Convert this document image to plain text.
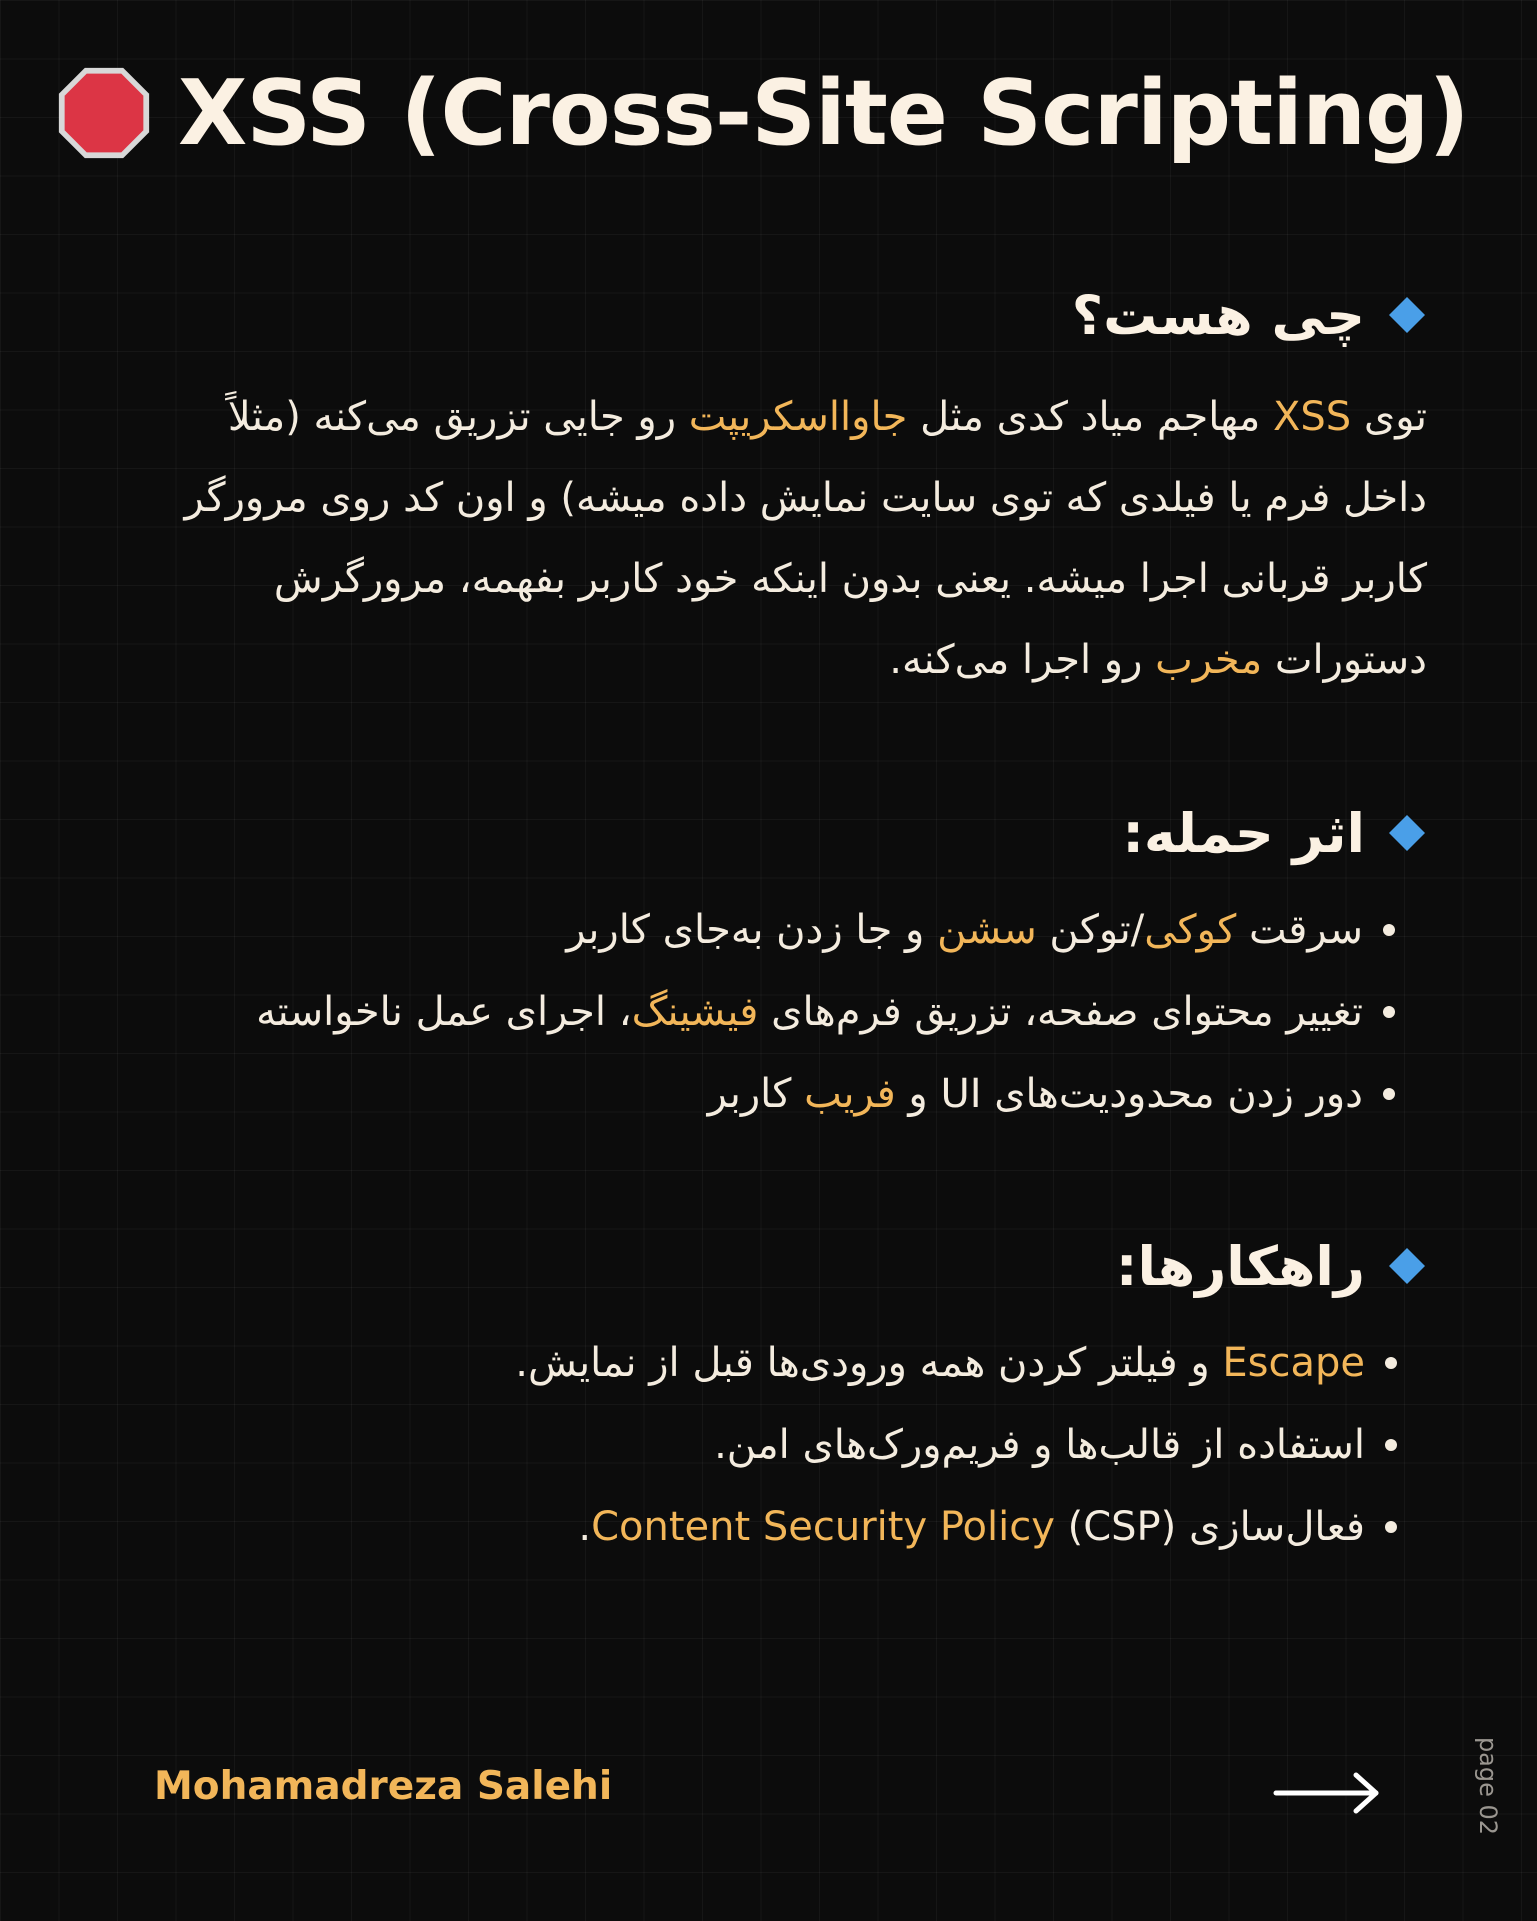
XSS (Cross-Site Scripting)
چی هست؟

توی XSS مهاجم میاد کدی مثل جاوااسکریپت رو جایی تزریق می‌کنه (مثلاً داخل فرم یا فیلدی که توی سایت نمایش داده میشه) و اون کد روی مرورگر کاربر قربانی اجرا میشه. یعنی بدون اینکه خود کاربر بفهمه، مرورگرش دستورات مخرب رو اجرا می‌کنه.

اثر حمله:
سرقت کوکی/توکن سشن و جا زدن به‌جای کاربر
تغییر محتوای صفحه، تزریق فرم‌های فیشینگ، اجرای عمل ناخواسته
دور زدن محدودیت‌های UI و فریب کاربر
راهکارها:
Escape و فیلتر کردن همه ورودی‌ها قبل از نمایش.
استفاده از قالب‌ها و فریم‌ورک‌های امن.
فعال‌سازی (CSP) Content Security Policy.
Mohamadreza Salehi	page 02
